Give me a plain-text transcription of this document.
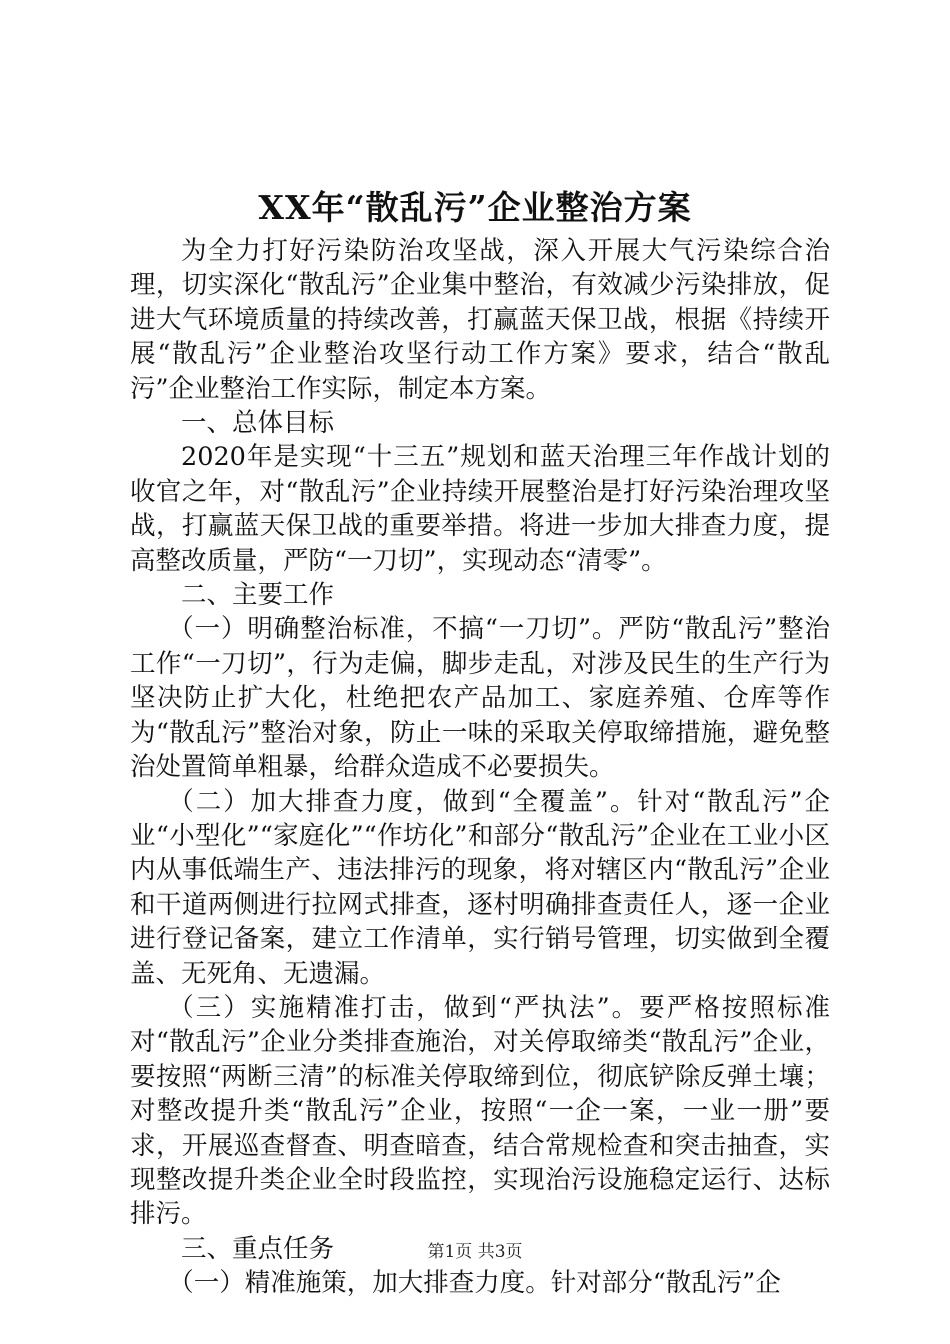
XX年“散乱污”企业整治方案

为全力打好污染防治攻坚战，深入开展大气污染综合治理，切实深化“散乱污”企业集中整治，有效减少污染排放，促进大气环境质量的持续改善，打赢蓝天保卫战，根据《持续开展“散乱污”企业整治攻坚行动工作方案》要求，结合“散乱污”企业整治工作实际，制定本方案。

一、总体目标

2020年是实现“十三五”规划和蓝天治理三年作战计划的收官之年，对“散乱污”企业持续开展整治是打好污染治理攻坚战，打赢蓝天保卫战的重要举措。将进一步加大排查力度，提高整改质量，严防“一刀切”，实现动态“清零”。

二、主要工作

（一）明确整治标准，不搞“一刀切”。严防“散乱污”整治工作“一刀切”，行为走偏，脚步走乱，对涉及民生的生产行为坚决防止扩大化，杜绝把农产品加工、家庭养殖、仓库等作为“散乱污”整治对象，防止一味的采取关停取缔措施，避免整治处置简单粗暴，给群众造成不必要损失。

（二）加大排查力度，做到“全覆盖”。针对“散乱污”企业“小型化”“家庭化”“作坊化”和部分“散乱污”企业在工业小区内从事低端生产、违法排污的现象，将对辖区内“散乱污”企业和干道两侧进行拉网式排查，逐村明确排查责任人，逐一企业进行登记备案，建立工作清单，实行销号管理，切实做到全覆盖、无死角、无遗漏。

（三）实施精准打击，做到“严执法”。要严格按照标准对“散乱污”企业分类排查施治，对关停取缔类“散乱污”企业，要按照“两断三清”的标准关停取缔到位，彻底铲除反弹土壤；对整改提升类“散乱污”企业，按照“一企一案，一业一册”要求，开展巡查督查、明查暗查，结合常规检查和突击抽查，实现整改提升类企业全时段监控，实现治污设施稳定运行、达标排污。

三、重点任务

（一）精准施策，加大排查力度。针对部分“散乱污”企

第1页 共3页
